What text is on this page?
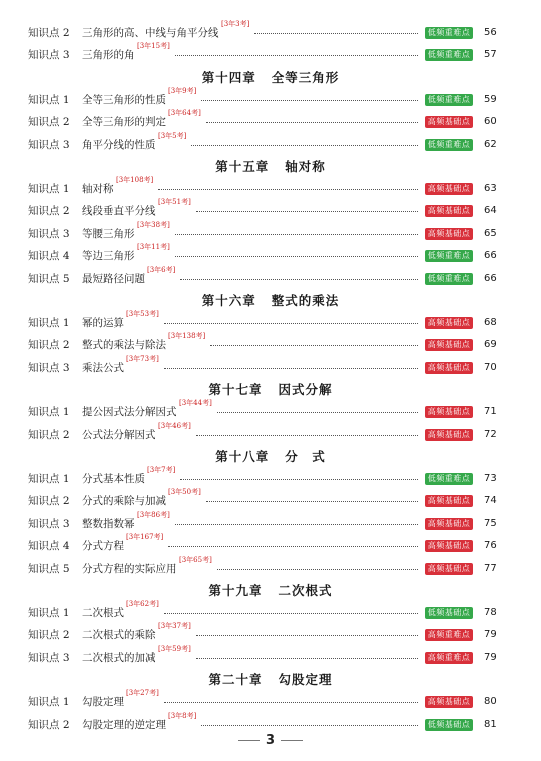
知识点 2 三角形的高、中线与角平分线
[3年3考]
低频重难点 56
知识点 3 三角形的角
[3年15考]
低频重难点 57
第十四章 全等三角形
知识点 1 全等三角形的性质
[3年9考]
低频重难点 59
知识点 2 全等三角形的判定
[3年64考]
高频基础点 60
知识点 3 角平分线的性质
[3年5考]
低频重难点 62
第十五章 轴对称
知识点 1 轴对称
[3年108考]
高频基础点 63
知识点 2 线段垂直平分线
[3年51考]
高频基础点 64
知识点 3 等腰三角形
[3年38考]
高频基础点 65
知识点 4 等边三角形
[3年11考]
低频重难点 66
知识点 5 最短路径问题
[3年6考]
低频重难点 66
第十六章 整式的乘法
知识点 1 幂的运算
[3年53考]
高频基础点 68
知识点 2 整式的乘法与除法
[3年138考]
高频基础点 69
知识点 3 乘法公式
[3年73考]
高频基础点 70
第十七章 因式分解
知识点 1 提公因式法分解因式
[3年44考]
高频基础点 71
知识点 2 公式法分解因式
[3年46考]
高频基础点 72
第十八章 分　式
知识点 1 分式基本性质
[3年7考]
低频重难点 73
知识点 2 分式的乘除与加减
[3年50考]
高频基础点 74
知识点 3 整数指数幂
[3年86考]
高频基础点 75
知识点 4 分式方程
[3年167考]
高频基础点 76
知识点 5 分式方程的实际应用
[3年65考]
高频基础点 77
第十九章 二次根式
知识点 1 二次根式
[3年62考]
低频基础点 78
知识点 2 二次根式的乘除
[3年37考]
高频重难点 79
知识点 3 二次根式的加减
[3年59考]
高频重难点 79
第二十章 勾股定理
知识点 1 勾股定理
[3年27考]
高频基础点 80
知识点 2 勾股定理的逆定理
[3年8考]
低频基础点 81
3
